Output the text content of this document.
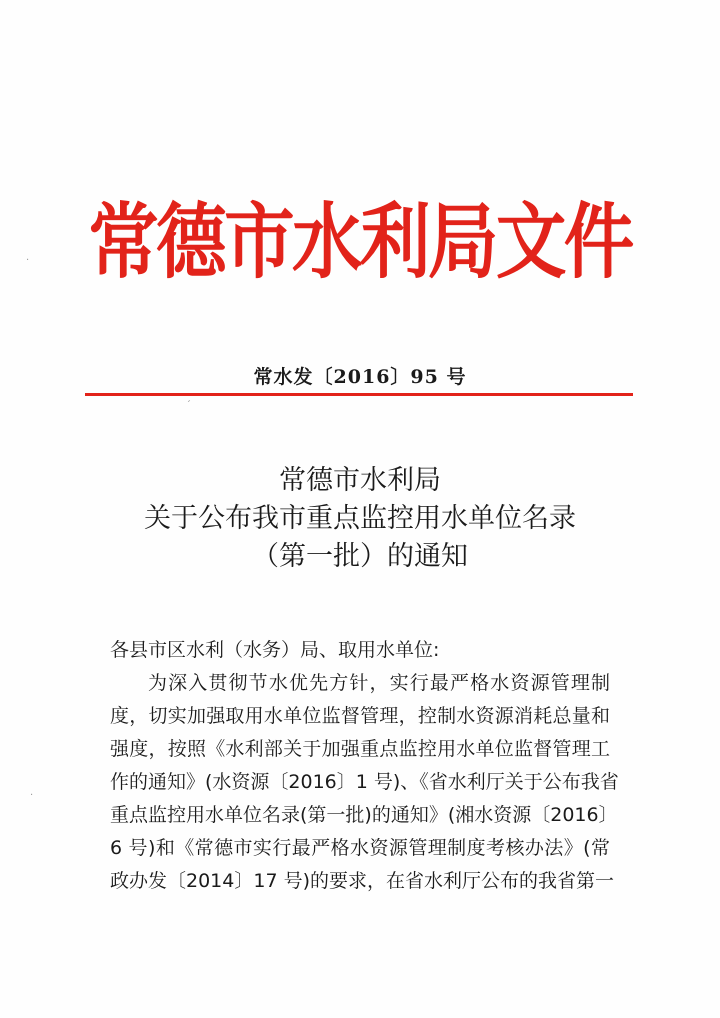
常德市水利局文件
常水发〔2016〕95 号
常德市水利局
关于公布我市重点监控用水单位名录
（第一批）的通知
各县市区水利（水务）局、取用水单位:
为深入贯彻节水优先方针，实行最严格水资源管理制
度，切实加强取用水单位监督管理，控制水资源消耗总量和
强度，按照《水利部关于加强重点监控用水单位监督管理工
作的通知》(水资源〔2016〕1 号)、《省水利厅关于公布我省
重点监控用水单位名录(第一批)的通知》(湘水资源〔2016〕
6 号)和《常德市实行最严格水资源管理制度考核办法》(常
政办发〔2014〕17 号)的要求，在省水利厅公布的我省第一
·
ˊ
·
